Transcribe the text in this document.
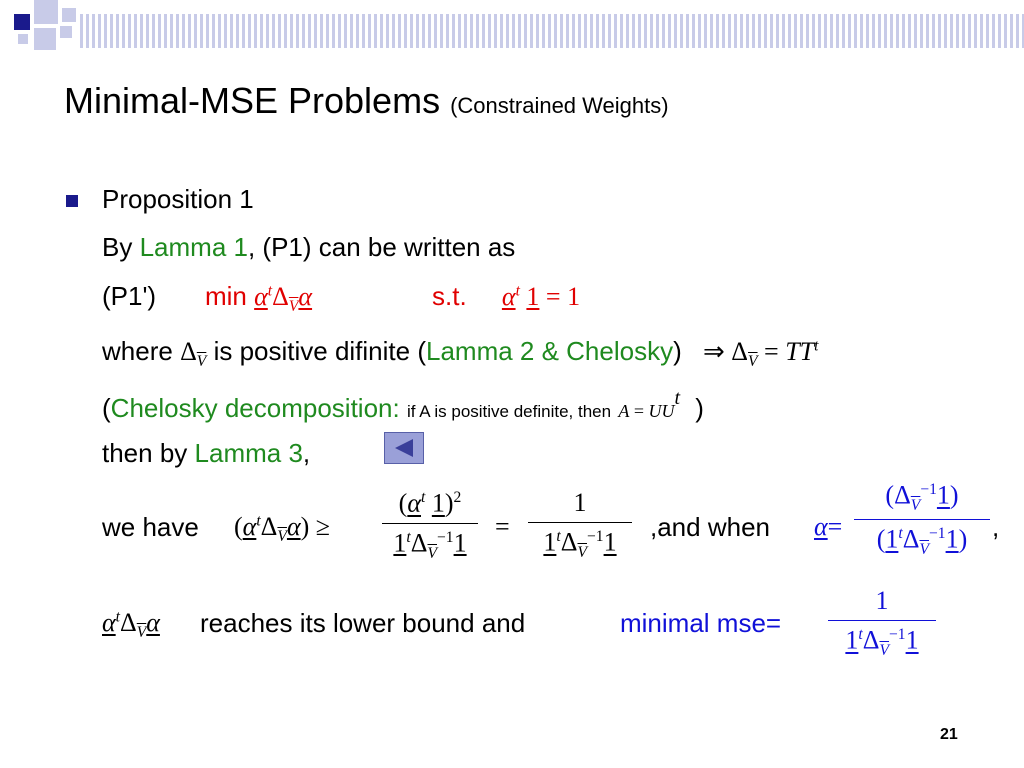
Minimal-MSE Problems (Constrained Weights)
Proposition 1
By Lamma 1, (P1) can be written as
(P1') $\min \alpha^t\Delta_{\overline{V}}\alpha$	s.t. $\alpha^t$ 1 = 1
where $\Delta_{\overline{V}}$ is positive difinite (Lamma 2 & Chelosky) ⇒ $\Delta_{\overline{V}} = TT^t$
(Chelosky decomposition: if A is positive definite, then $A = UU^t$ )
then by Lamma 3,
we have $(\alpha^t\Delta_{\overline{V}}\alpha)$ ≥
($\alpha^t$ 1)$^2$
$1^t\Delta_{\overline{V}}^{-1}1$
=
1
$1^t\Delta_{\overline{V}}^{-1}1$
,and when α=
$(\Delta_{\overline{V}}^{-1}1)$
$(1^t\Delta_{\overline{V}}^{-1}1)$ ,
$\alpha^t\Delta_{\overline{V}}\alpha$ reaches its lower bound and	minimal mse=
1
$1^t\Delta_{\overline{V}}^{-1}1$
21
